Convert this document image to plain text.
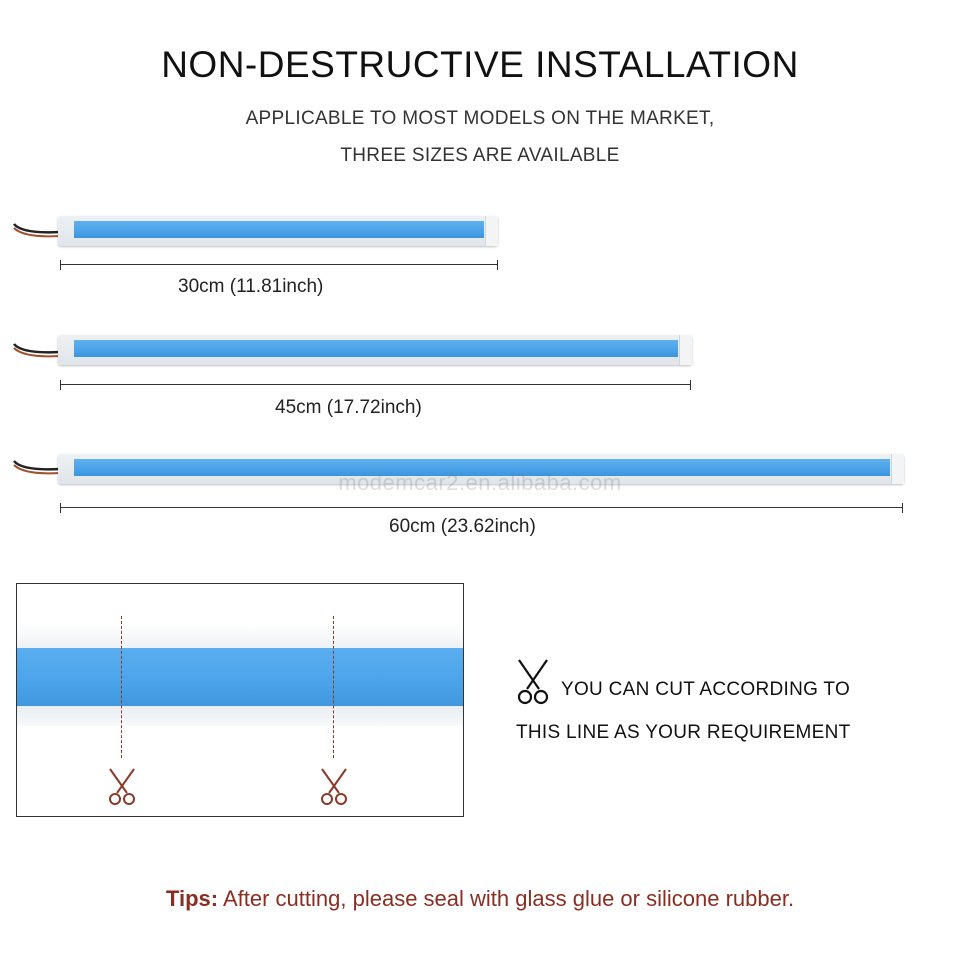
NON-DESTRUCTIVE INSTALLATION
APPLICABLE TO MOST MODELS ON THE MARKET,
THREE SIZES ARE AVAILABLE
30cm (11.81inch)
45cm (17.72inch)
60cm (23.62inch)
modemcar2.en.alibaba.com
YOU CAN CUT ACCORDING TO
THIS LINE AS YOUR REQUIREMENT
Tips: After cutting, please seal with glass glue or silicone rubber.
